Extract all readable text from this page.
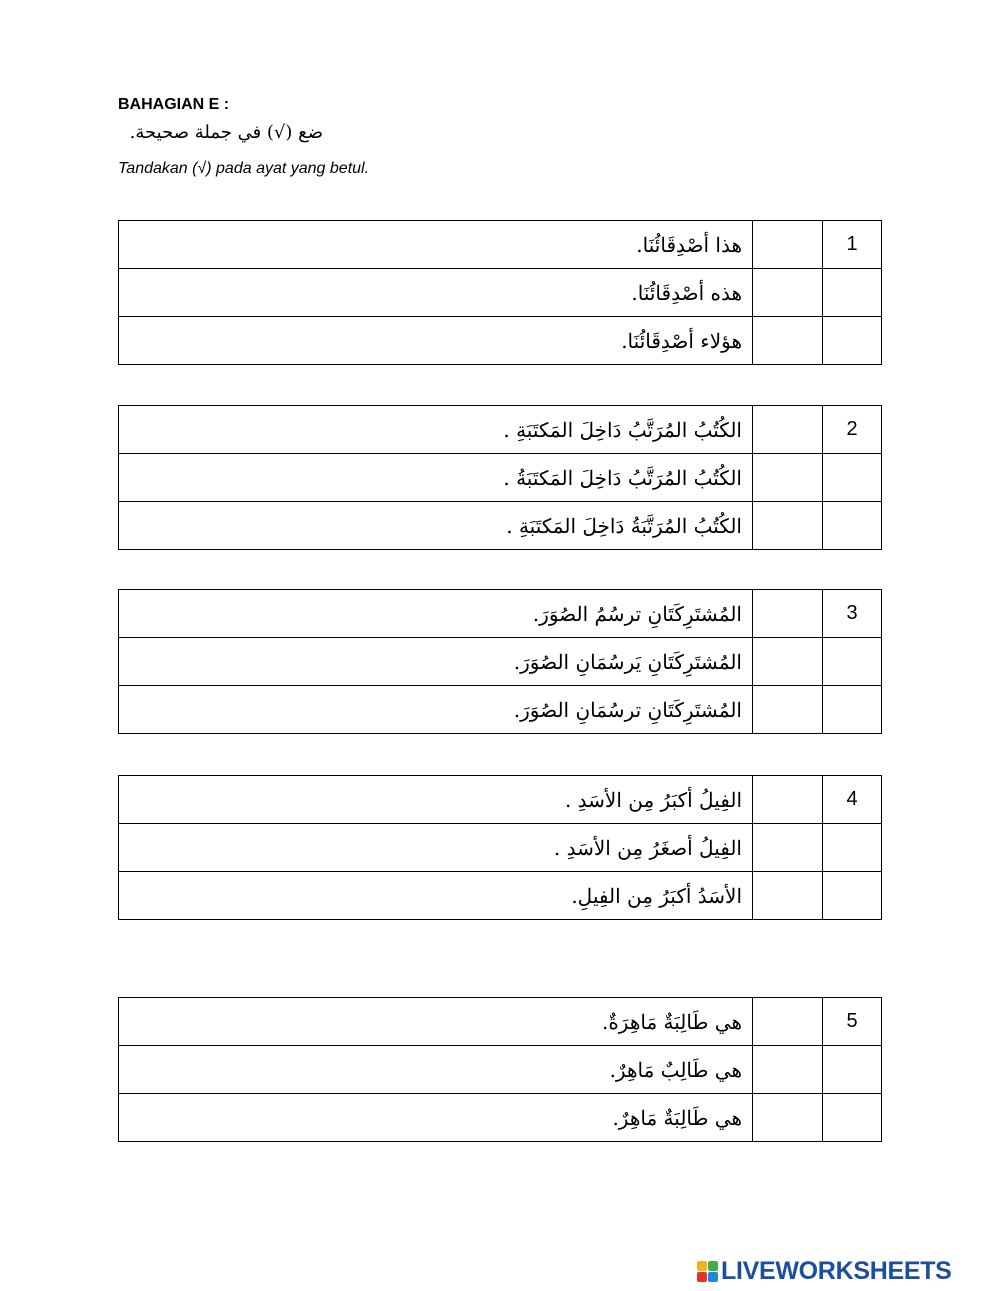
BAHAGIAN E :
ضع (√) في جملة صحيحة.
Tandakan (√) pada ayat yang betul.
هذا أصْدِقَائُنَا.		1
هذه أصْدِقَائُنَا.		
هؤلاء أصْدِقَائُنَا.		
الكُتُبُ المُرَتَّبُ دَاخِلَ المَكتَبَةِ .		2
الكُتُبُ المُرَتَّبُ دَاخِلَ المَكتَبَةُ .		
الكُتُبُ المُرَتَّبَةُ دَاخِلَ المَكتَبَةِ .		
المُشتَرِكَتَانِ ترسُمُ الصُوَرَ.		3
المُشتَرِكَتَانِ يَرسُمَانِ الصُوَرَ.		
المُشتَرِكَتَانِ ترسُمَانِ الصُوَرَ.		
الفِيلُ أكبَرُ مِن الأسَدِ .		4
الفِيلُ أصغَرُ مِن الأسَدِ .		
الأسَدُ أكبَرُ مِن الفِيلِ.		
هي طَالِبَةٌ مَاهِرَةٌ.		5
هي طَالِبٌ مَاهِرٌ.		
هي طَالِبَةٌ مَاهِرٌ.		
LIVEWORKSHEETS
